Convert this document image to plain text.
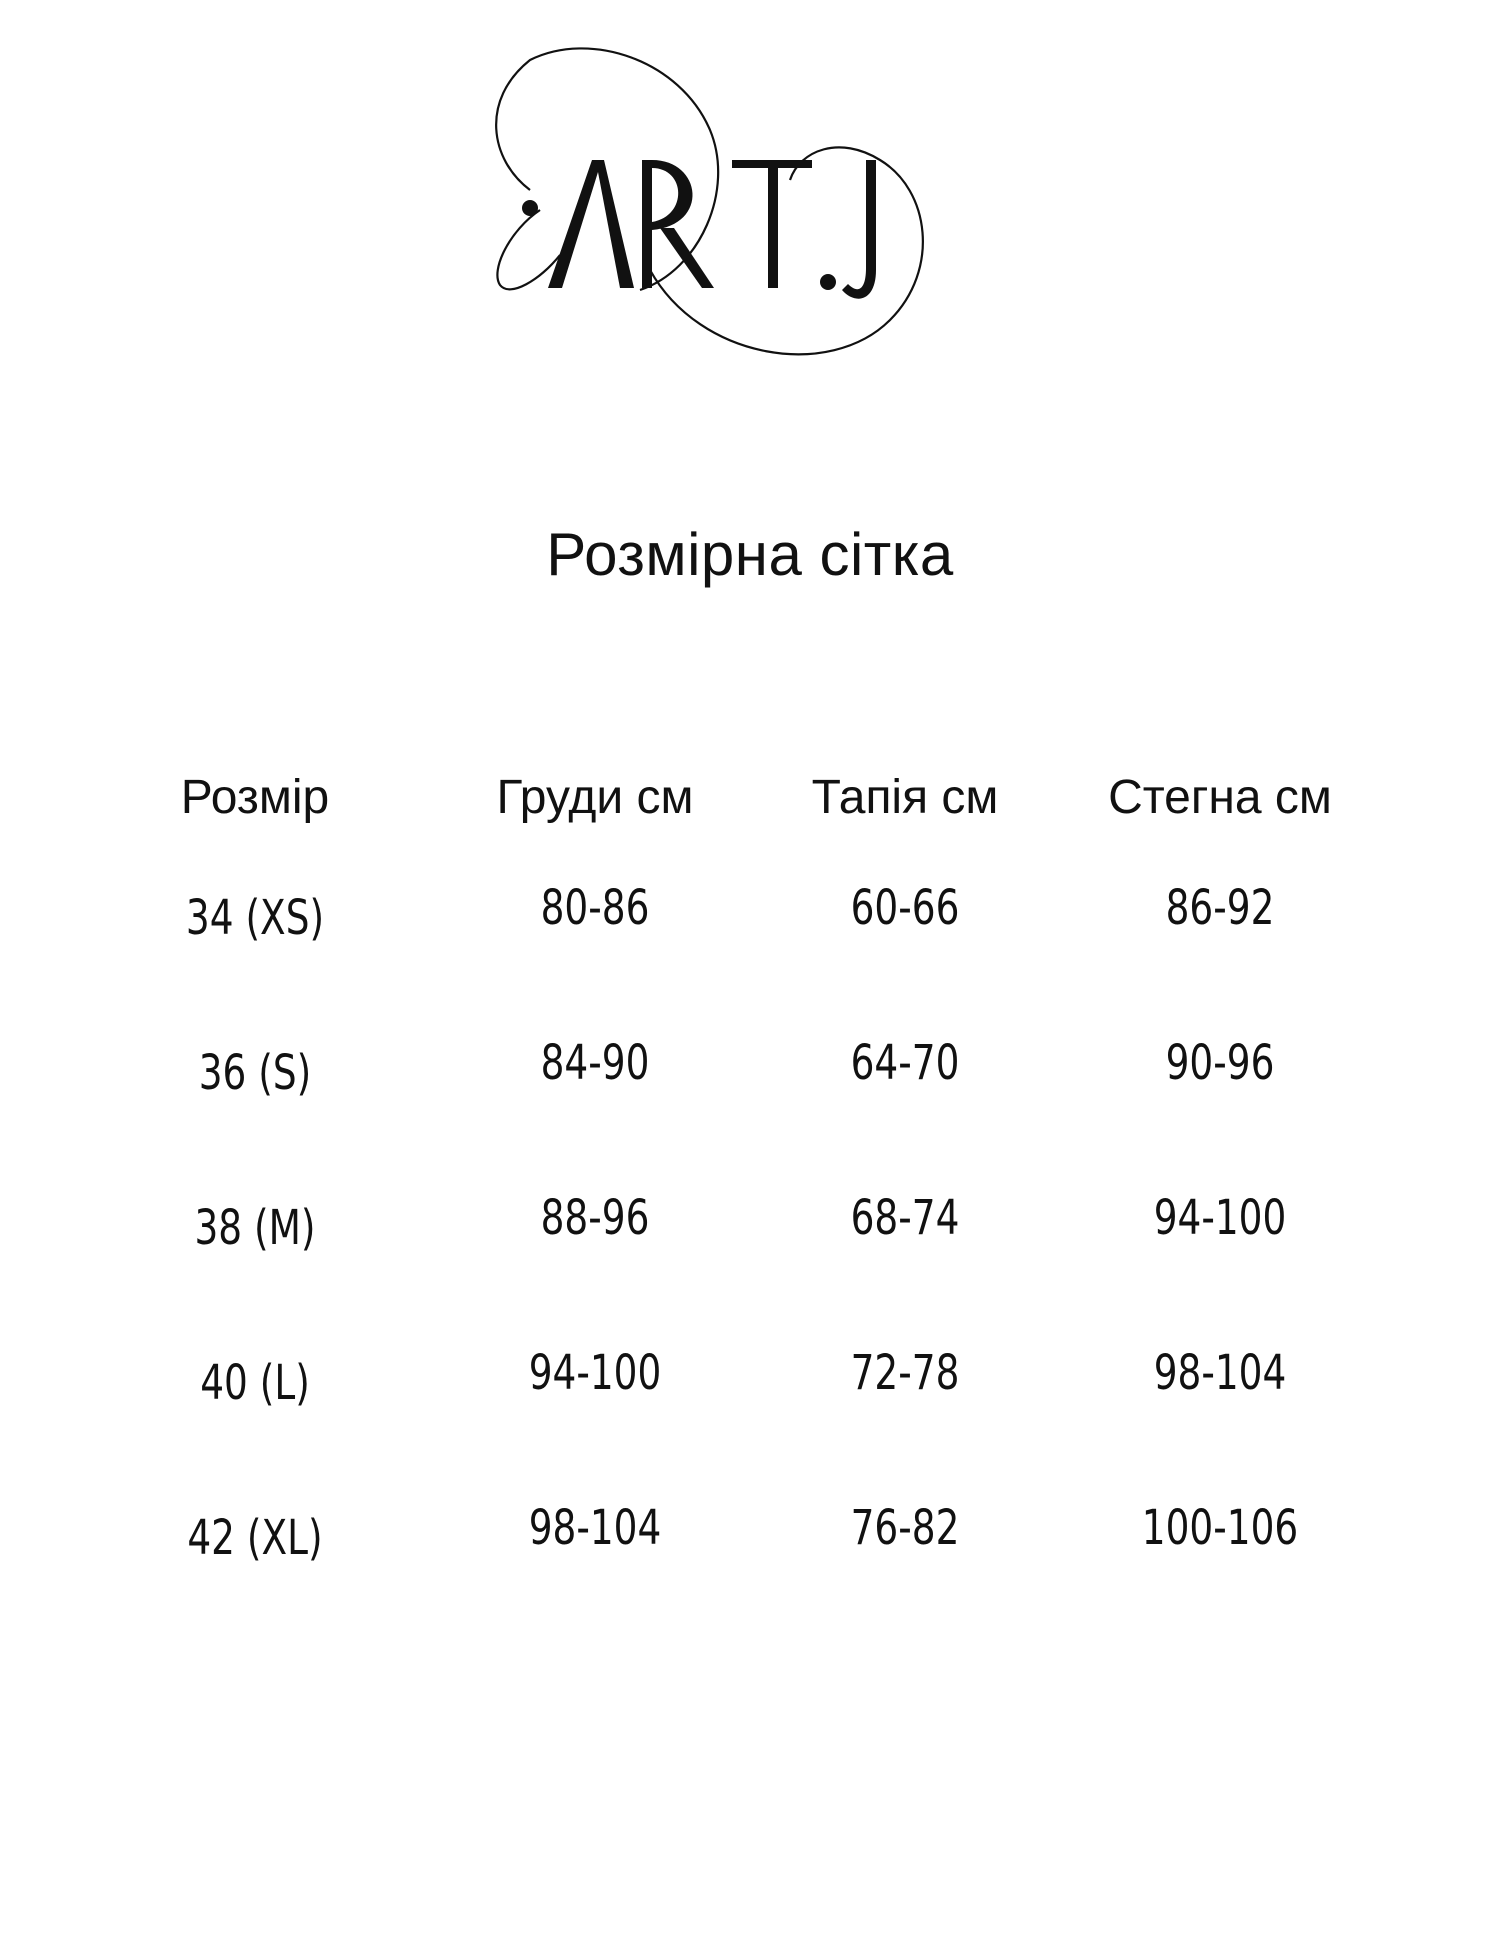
Розмірна сітка
Розмір	Груди см	Тапія см	Стегна см
34 (XS)	80-86	60-66	86-92
36 (S)	84-90	64-70	90-96
38 (M)	88-96	68-74	94-100
40 (L)	94-100	72-78	98-104
42 (XL)	98-104	76-82	100-106
